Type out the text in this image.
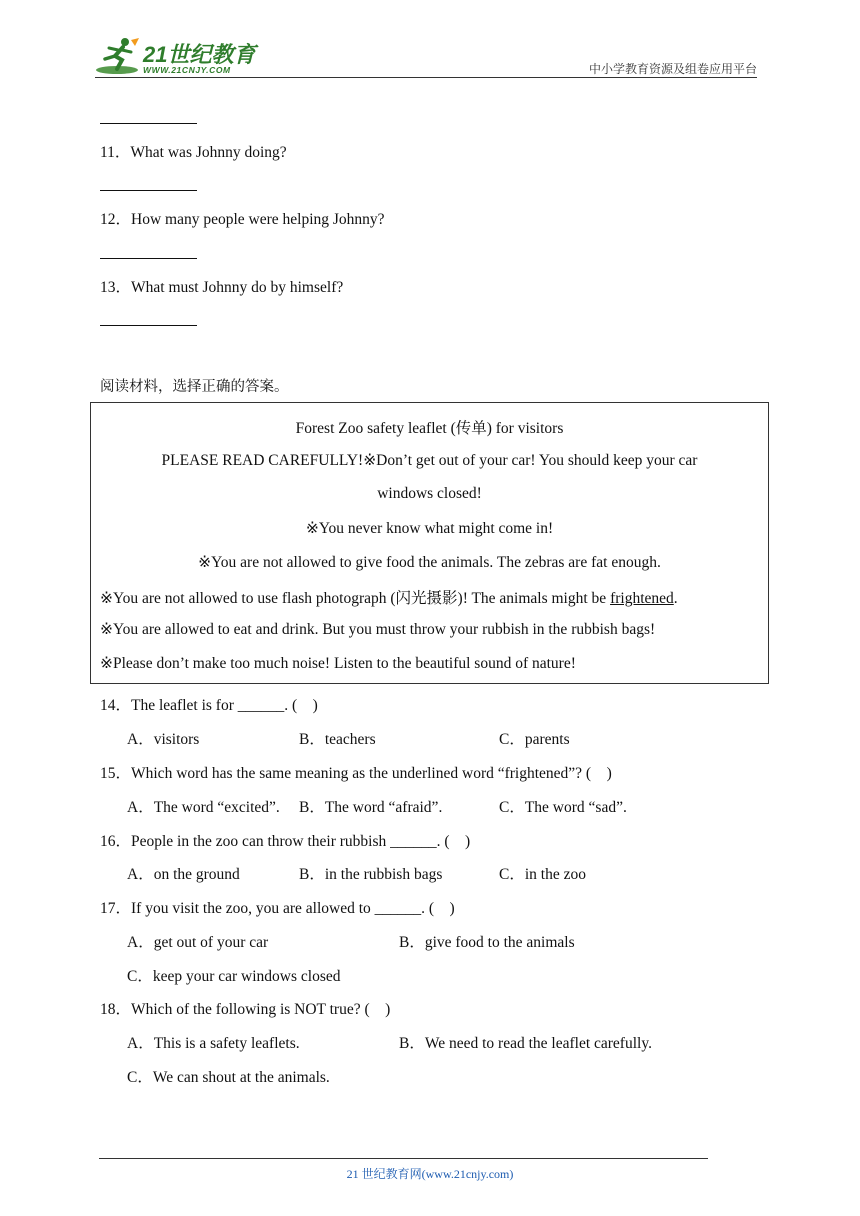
21世纪教育
WWW.21CNJY.COM	中小学教育资源及组卷应用平台
11．What was Johnny doing?
12．How many people were helping Johnny?
13．What must Johnny do by himself?
阅读材料，选择正确的答案。
Forest Zoo safety leaflet (传单) for visitors
PLEASE READ CAREFULLY!※Don’t get out of your car! You should keep your car
windows closed!
※You never know what might come in!
※You are not allowed to give food the animals. The zebras are fat enough.
※You are not allowed to use flash photograph (闪光摄影)! The animals might be frightened.
※You are allowed to eat and drink. But you must throw your rubbish in the rubbish bags!
※Please don’t make too much noise! Listen to the beautiful sound of nature!
14．The leaflet is for ______. (　)
A．visitors	B．teachers	C．parents
15．Which word has the same meaning as the underlined word “frightened”? (　)
A．The word “excited”. B．The word “afraid”.	C．The word “sad”.
16．People in the zoo can throw their rubbish ______. (　)
A．on the ground	B．in the rubbish bags	C．in the zoo
17．If you visit the zoo, you are allowed to ______. (　)
A．get out of your car	B．give food to the animals
C．keep your car windows closed
18．Which of the following is NOT true? (　)
A．This is a safety leaflets.	B．We need to read the leaflet carefully.
C．We can shout at the animals.
21 世纪教育网(www.21cnjy.com)
